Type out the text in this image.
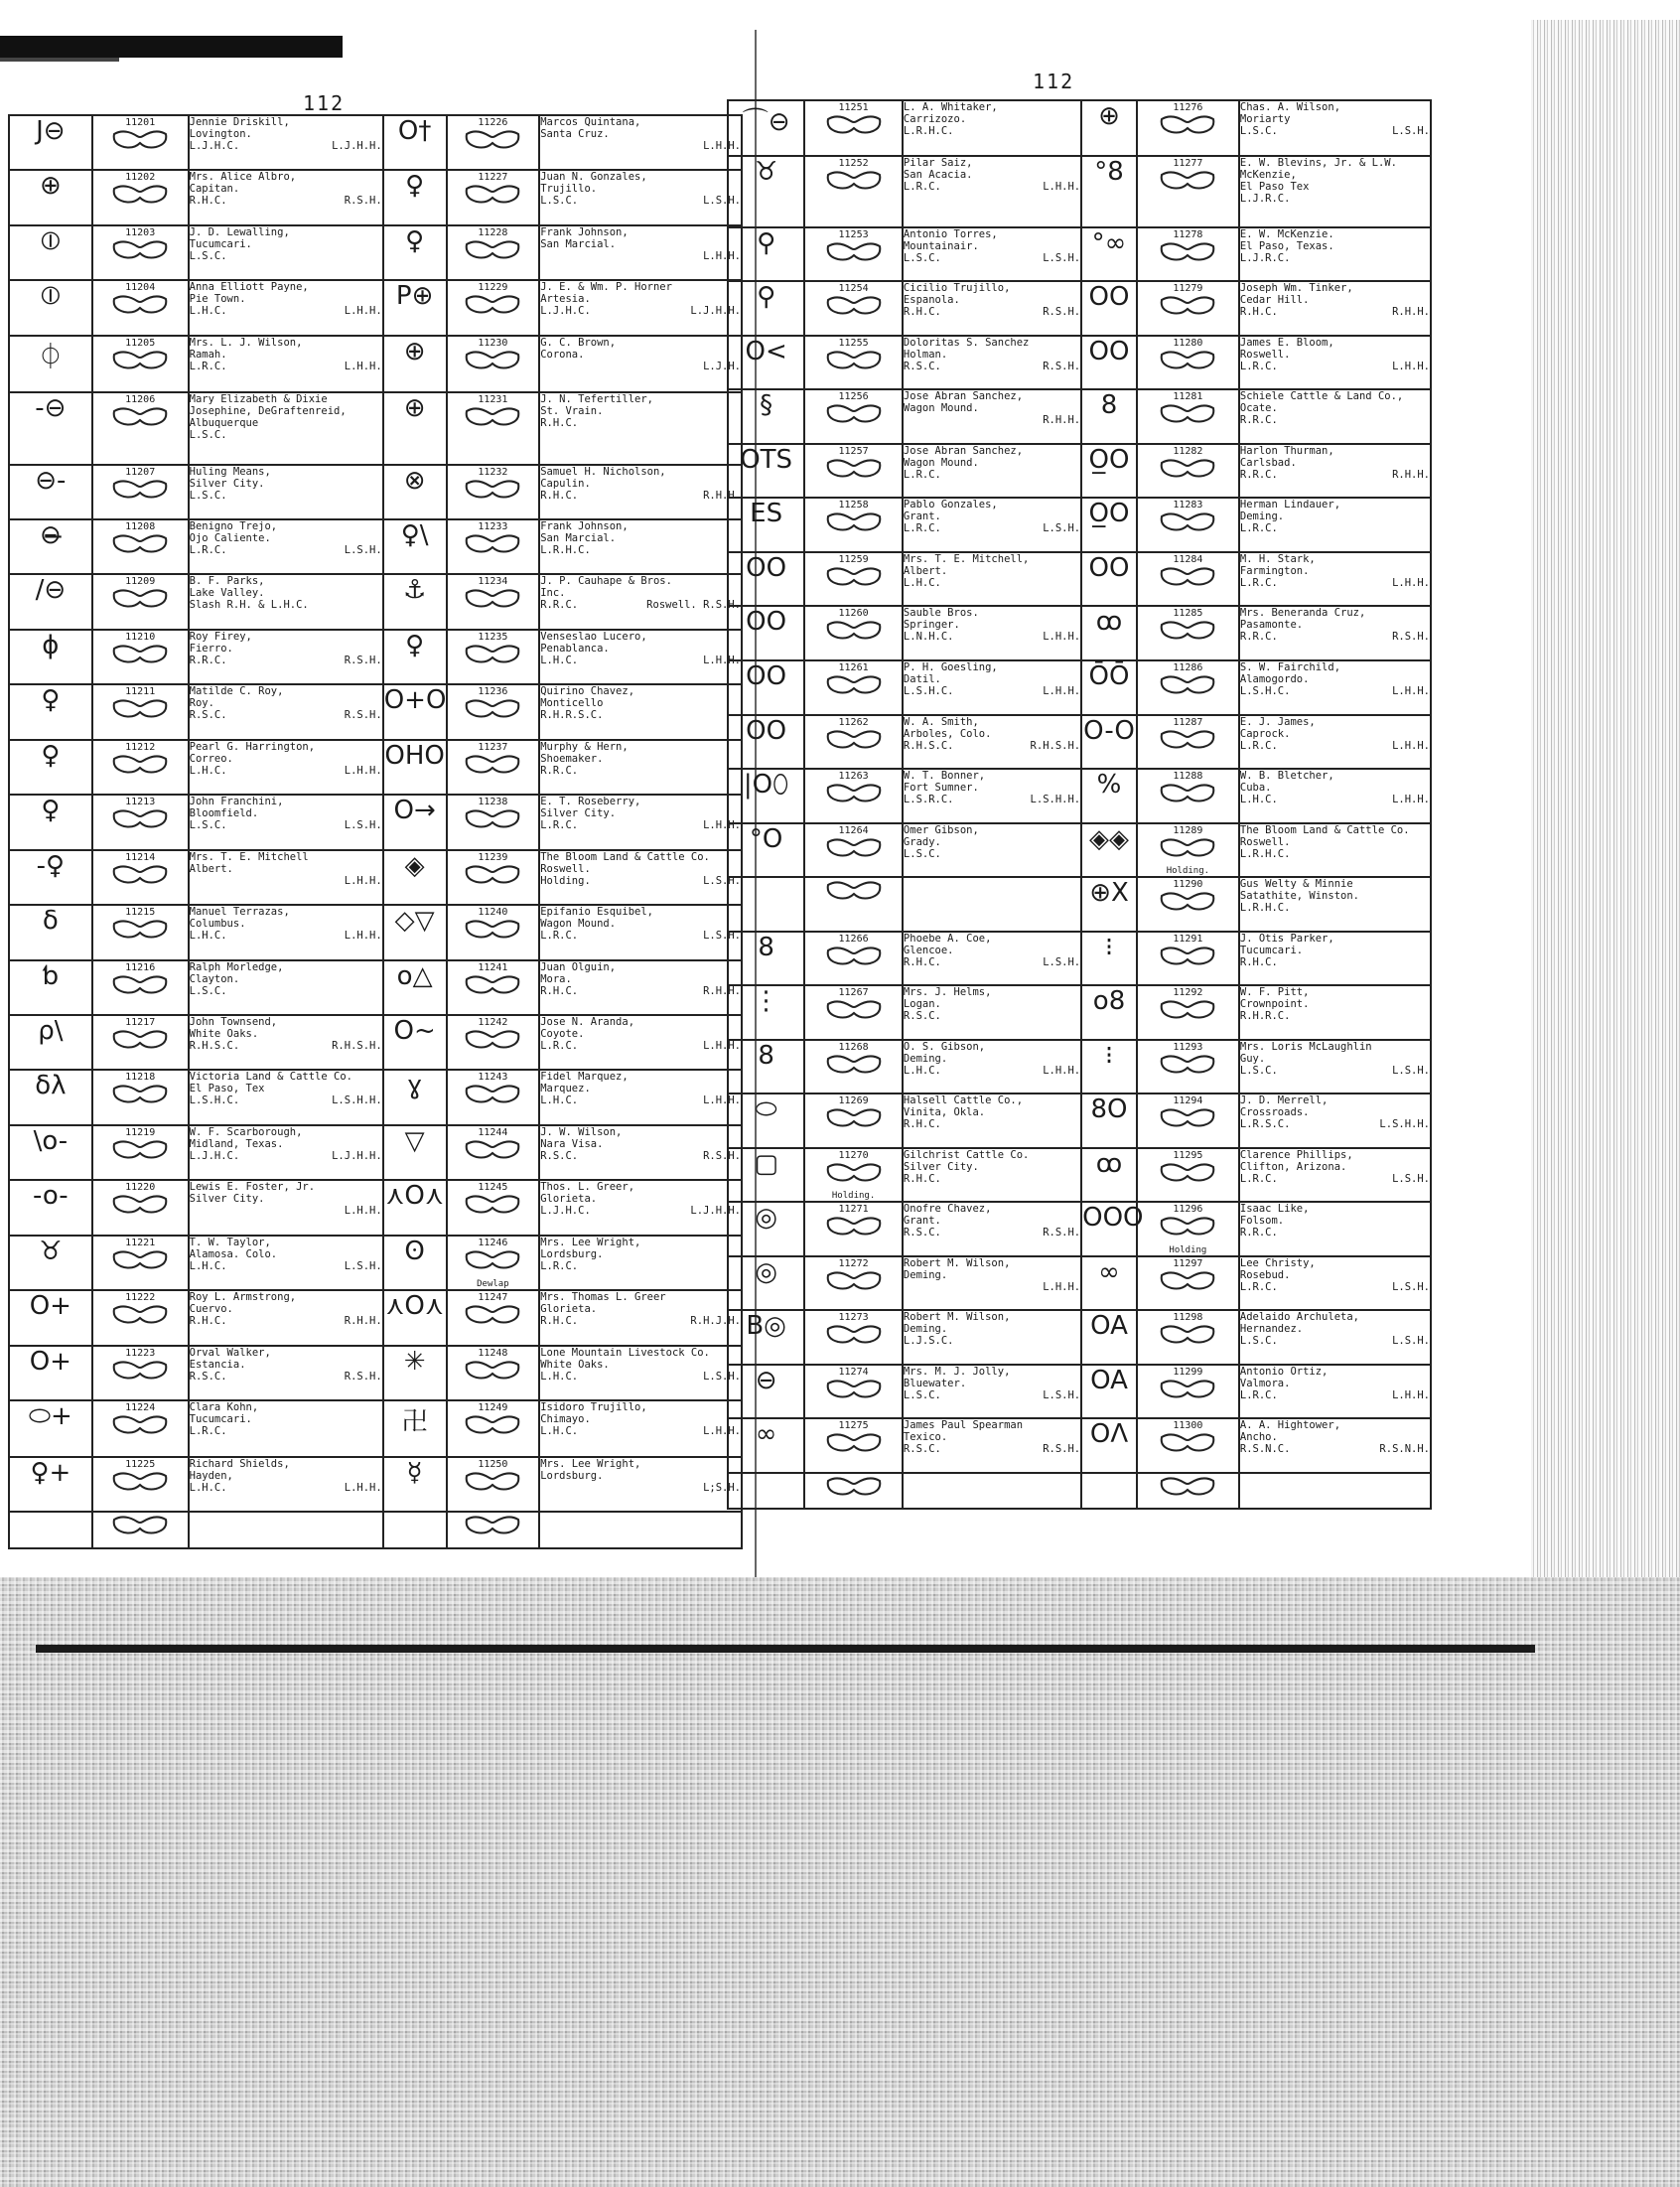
112
112
J⊖	11201	Jennie Driskill,
Lovington.
L.J.H.C. L.J.H.H.	O†	11226	Marcos Quintana,
Santa Cruz.
L.H.H.

⊕	11202	Mrs. Alice Albro,
Capitan.
R.H.C. R.S.H.	♀	11227	Juan N. Gonzales,
Trujillo.
L.S.C. L.S.H.

⦶	11203	J. D. Lewalling,
Tucumcari.
L.S.C.	♀	11228	Frank Johnson,
San Marcial.
L.H.H.

⦶	11204	Anna Elliott Payne,
Pie Town.
L.H.C. L.H.H.	P⊕	11229	J. E. & Wm. P. Horner
Artesia.
L.J.H.C. L.J.H.H.

⏀	11205	Mrs. L. J. Wilson,
Ramah.
L.R.C. L.H.H.	⊕	11230	G. C. Brown,
Corona.
L.J.H.

-⊖	11206	Mary Elizabeth & Dixie Josephine, DeGraftenreid,
Albuquerque
L.S.C.	⊕	11231	J. N. Tefertiller,
St. Vrain.
R.H.C.

⊖-	11207	Huling Means,
Silver City.
L.S.C.	⊗	11232	Samuel H. Nicholson,
Capulin.
R.H.C. R.H.H.

⊖̶	11208	Benigno Trejo,
Ojo Caliente.
L.R.C. L.S.H.	♀\	11233	Frank Johnson,
San Marcial.
L.R.H.C.

/⊖	11209	B. F. Parks,
Lake Valley.
Slash R.H. & L.H.C.	⚓	11234	J. P. Cauhape & Bros.
Inc.
R.R.C. Roswell. R.S.H.

ɸ	11210	Roy Firey,
Fierro.
R.R.C. R.S.H.	♀	11235	Venseslao Lucero,
Penablanca.
L.H.C. L.H.H.

♀	11211	Matilde C. Roy,
Roy.
R.S.C. R.S.H.	O+O	11236	Quirino Chavez,
Monticello
R.H.R.S.C.

♀	11212	Pearl G. Harrington,
Correo.
L.H.C. L.H.H.	OHO	11237	Murphy & Hern,
Shoemaker.
R.R.C.

♀	11213	John Franchini,
Bloomfield.
L.S.C. L.S.H.	O→	11238	E. T. Roseberry,
Silver City.
L.R.C. L.H.H.

-♀	11214	Mrs. T. E. Mitchell
Albert.
L.H.H.	◈	11239	The Bloom Land & Cattle Co.
Roswell.
Holding. L.S.H.

δ	11215	Manuel Terrazas,
Columbus.
L.H.C. L.H.H.	◇▽	11240	Epifanio Esquibel,
Wagon Mound.
L.R.C. L.S.H.

ƅ	11216	Ralph Morledge,
Clayton.
L.S.C.	o△	11241	Juan Olguin,
Mora.
R.H.C. R.H.H.

ρ\	11217	John Townsend,
White Oaks.
R.H.S.C. R.H.S.H.	O~	11242	Jose N. Aranda,
Coyote.
L.R.C. L.H.H.

δλ	11218	Victoria Land & Cattle Co.
El Paso, Tex
L.S.H.C. L.S.H.H.	ɣ	11243	Fidel Marquez,
Marquez.
L.H.C. L.H.H.

\o-	11219	W. F. Scarborough,
Midland, Texas.
L.J.H.C. L.J.H.H.	▽	11244	J. W. Wilson,
Nara Visa.
R.S.C. R.S.H.

-o-	11220	Lewis E. Foster, Jr.
Silver City.
L.H.H.	⋏O⋏	11245	Thos. L. Greer,
Glorieta.
L.J.H.C. L.J.H.H.

♉	11221	T. W. Taylor,
Alamosa. Colo.
L.H.C. L.S.H.	ʘ	11246
Dewlap	Mrs. Lee Wright,
Lordsburg.
L.R.C.

O+	11222	Roy L. Armstrong,
Cuervo.
R.H.C. R.H.H.	⋏O⋏	11247	Mrs. Thomas L. Greer
Glorieta.
R.H.C. R.H.J.H.

O+	11223	Orval Walker,
Estancia.
R.S.C. R.S.H.	✳	11248	Lone Mountain Livestock Co.
White Oaks.
L.H.C. L.S.H.

⬭+	11224	Clara Kohn,
Tucumcari.
L.R.C.	卍	11249	Isidoro Trujillo,
Chimayo.
L.H.C. L.H.H.

♀+	11225	Richard Shields,
Hayden,
L.H.C. L.H.H.	☿	11250	Mrs. Lee Wright,
Lordsburg.
L;S.H.

⌒⊖	11251	L. A. Whitaker,
Carrizozo.
L.R.H.C.	⊕	11276	Chas. A. Wilson,
Moriarty
L.S.C. L.S.H.

♉	11252	Pilar Saiz,
San Acacia.
L.R.C. L.H.H.	°8	11277	E. W. Blevins, Jr. & L.W. McKenzie,
El Paso Tex
L.J.R.C.

⚲	11253	Antonio Torres,
Mountainair.
L.S.C. L.S.H.	°∞	11278	E. W. McKenzie.
El Paso, Texas.
L.J.R.C.

⚲	11254	Cicilio Trujillo,
Espanola.
R.H.C. R.S.H.	OO	11279	Joseph Wm. Tinker,
Cedar Hill.
R.H.C. R.H.H.

O<	11255	Doloritas S. Sanchez
Holman.
R.S.C. R.S.H.	OO	11280	James E. Bloom,
Roswell.
L.R.C. L.H.H.

§	11256	Jose Abran Sanchez,
Wagon Mound.
R.H.H.	8	11281	Schiele Cattle & Land Co.,
Ocate.
R.R.C.

OTS	11257	Jose Abran Sanchez,
Wagon Mound.
L.R.C.	O̲O	11282	Harlon Thurman,
Carlsbad.
R.R.C. R.H.H.

ES	11258	Pablo Gonzales,
Grant.
L.R.C. L.S.H.	O̲O	11283	Herman Lindauer,
Deming.
L.R.C.

OO	11259	Mrs. T. E. Mitchell,
Albert.
L.H.C.	OO	11284	M. H. Stark,
Farmington.
L.R.C. L.H.H.

OO	11260	Sauble Bros.
Springer.
L.N.H.C. L.H.H.	ꝏ	11285	Mrs. Beneranda Cruz,
Pasamonte.
R.R.C. R.S.H.

OO	11261	P. H. Goesling,
Datil.
L.S.H.C. L.H.H.	ŌŌ	11286	S. W. Fairchild,
Alamogordo.
L.S.H.C. L.H.H.

OO	11262	W. A. Smith,
Arboles, Colo.
R.H.S.C. R.H.S.H.	O-O	11287	E. J. James,
Caprock.
L.R.C. L.H.H.

|O⬯	11263	W. T. Bonner,
Fort Sumner.
L.S.R.C. L.S.H.H.	%	11288	W. B. Bletcher,
Cuba.
L.H.C. L.H.H.

°O	11264	Omer Gibson,
Grady.
L.S.C.	◈◈	11289
Holding.	The Bloom Land & Cattle Co.
Roswell.
L.R.H.C.

	⊕X	11290	Gus Welty & Minnie
Satathite, Winston.
L.R.H.C.

8	11266	Phoebe A. Coe,
Glencoe.
R.H.C. L.S.H.	⁝	11291	J. Otis Parker,
Tucumcari.
R.H.C.

⋮	11267	Mrs. J. Helms,
Logan.
R.S.C.	o8	11292	W. F. Pitt,
Crownpoint.
R.H.R.C.

8	11268	O. S. Gibson,
Deming.
L.H.C. L.H.H.	⁝	11293	Mrs. Loris McLaughlin
Guy.
L.S.C. L.S.H.

⬭	11269	Halsell Cattle Co.,
Vinita, Okla.
R.H.C.	8O	11294	J. D. Merrell,
Crossroads.
L.R.S.C. L.S.H.H.

▢	11270
Holding.	Gilchrist Cattle Co.
Silver City.
R.H.C.	ꝏ	11295	Clarence Phillips,
Clifton, Arizona.
L.R.C. L.S.H.

◎	11271	Onofre Chavez,
Grant.
R.S.C. R.S.H.	OOO	11296
Holding	Isaac Like,
Folsom.
R.R.C.

◎	11272	Robert M. Wilson,
Deming.
L.H.H.	∞	11297	Lee Christy,
Rosebud.
L.R.C. L.S.H.

B◎	11273	Robert M. Wilson,
Deming.
L.J.S.C.	OA	11298	Adelaido Archuleta,
Hernandez.
L.S.C. L.S.H.

⊖	11274	Mrs. M. J. Jolly,
Bluewater.
L.S.C. L.S.H.	OA	11299	Antonio Ortiz,
Valmora.
L.R.C. L.H.H.

∞	11275	James Paul Spearman
Texico.
R.S.C. R.S.H.	OΛ	11300	A. A. Hightower,
Ancho.
R.S.N.C. R.S.N.H.
